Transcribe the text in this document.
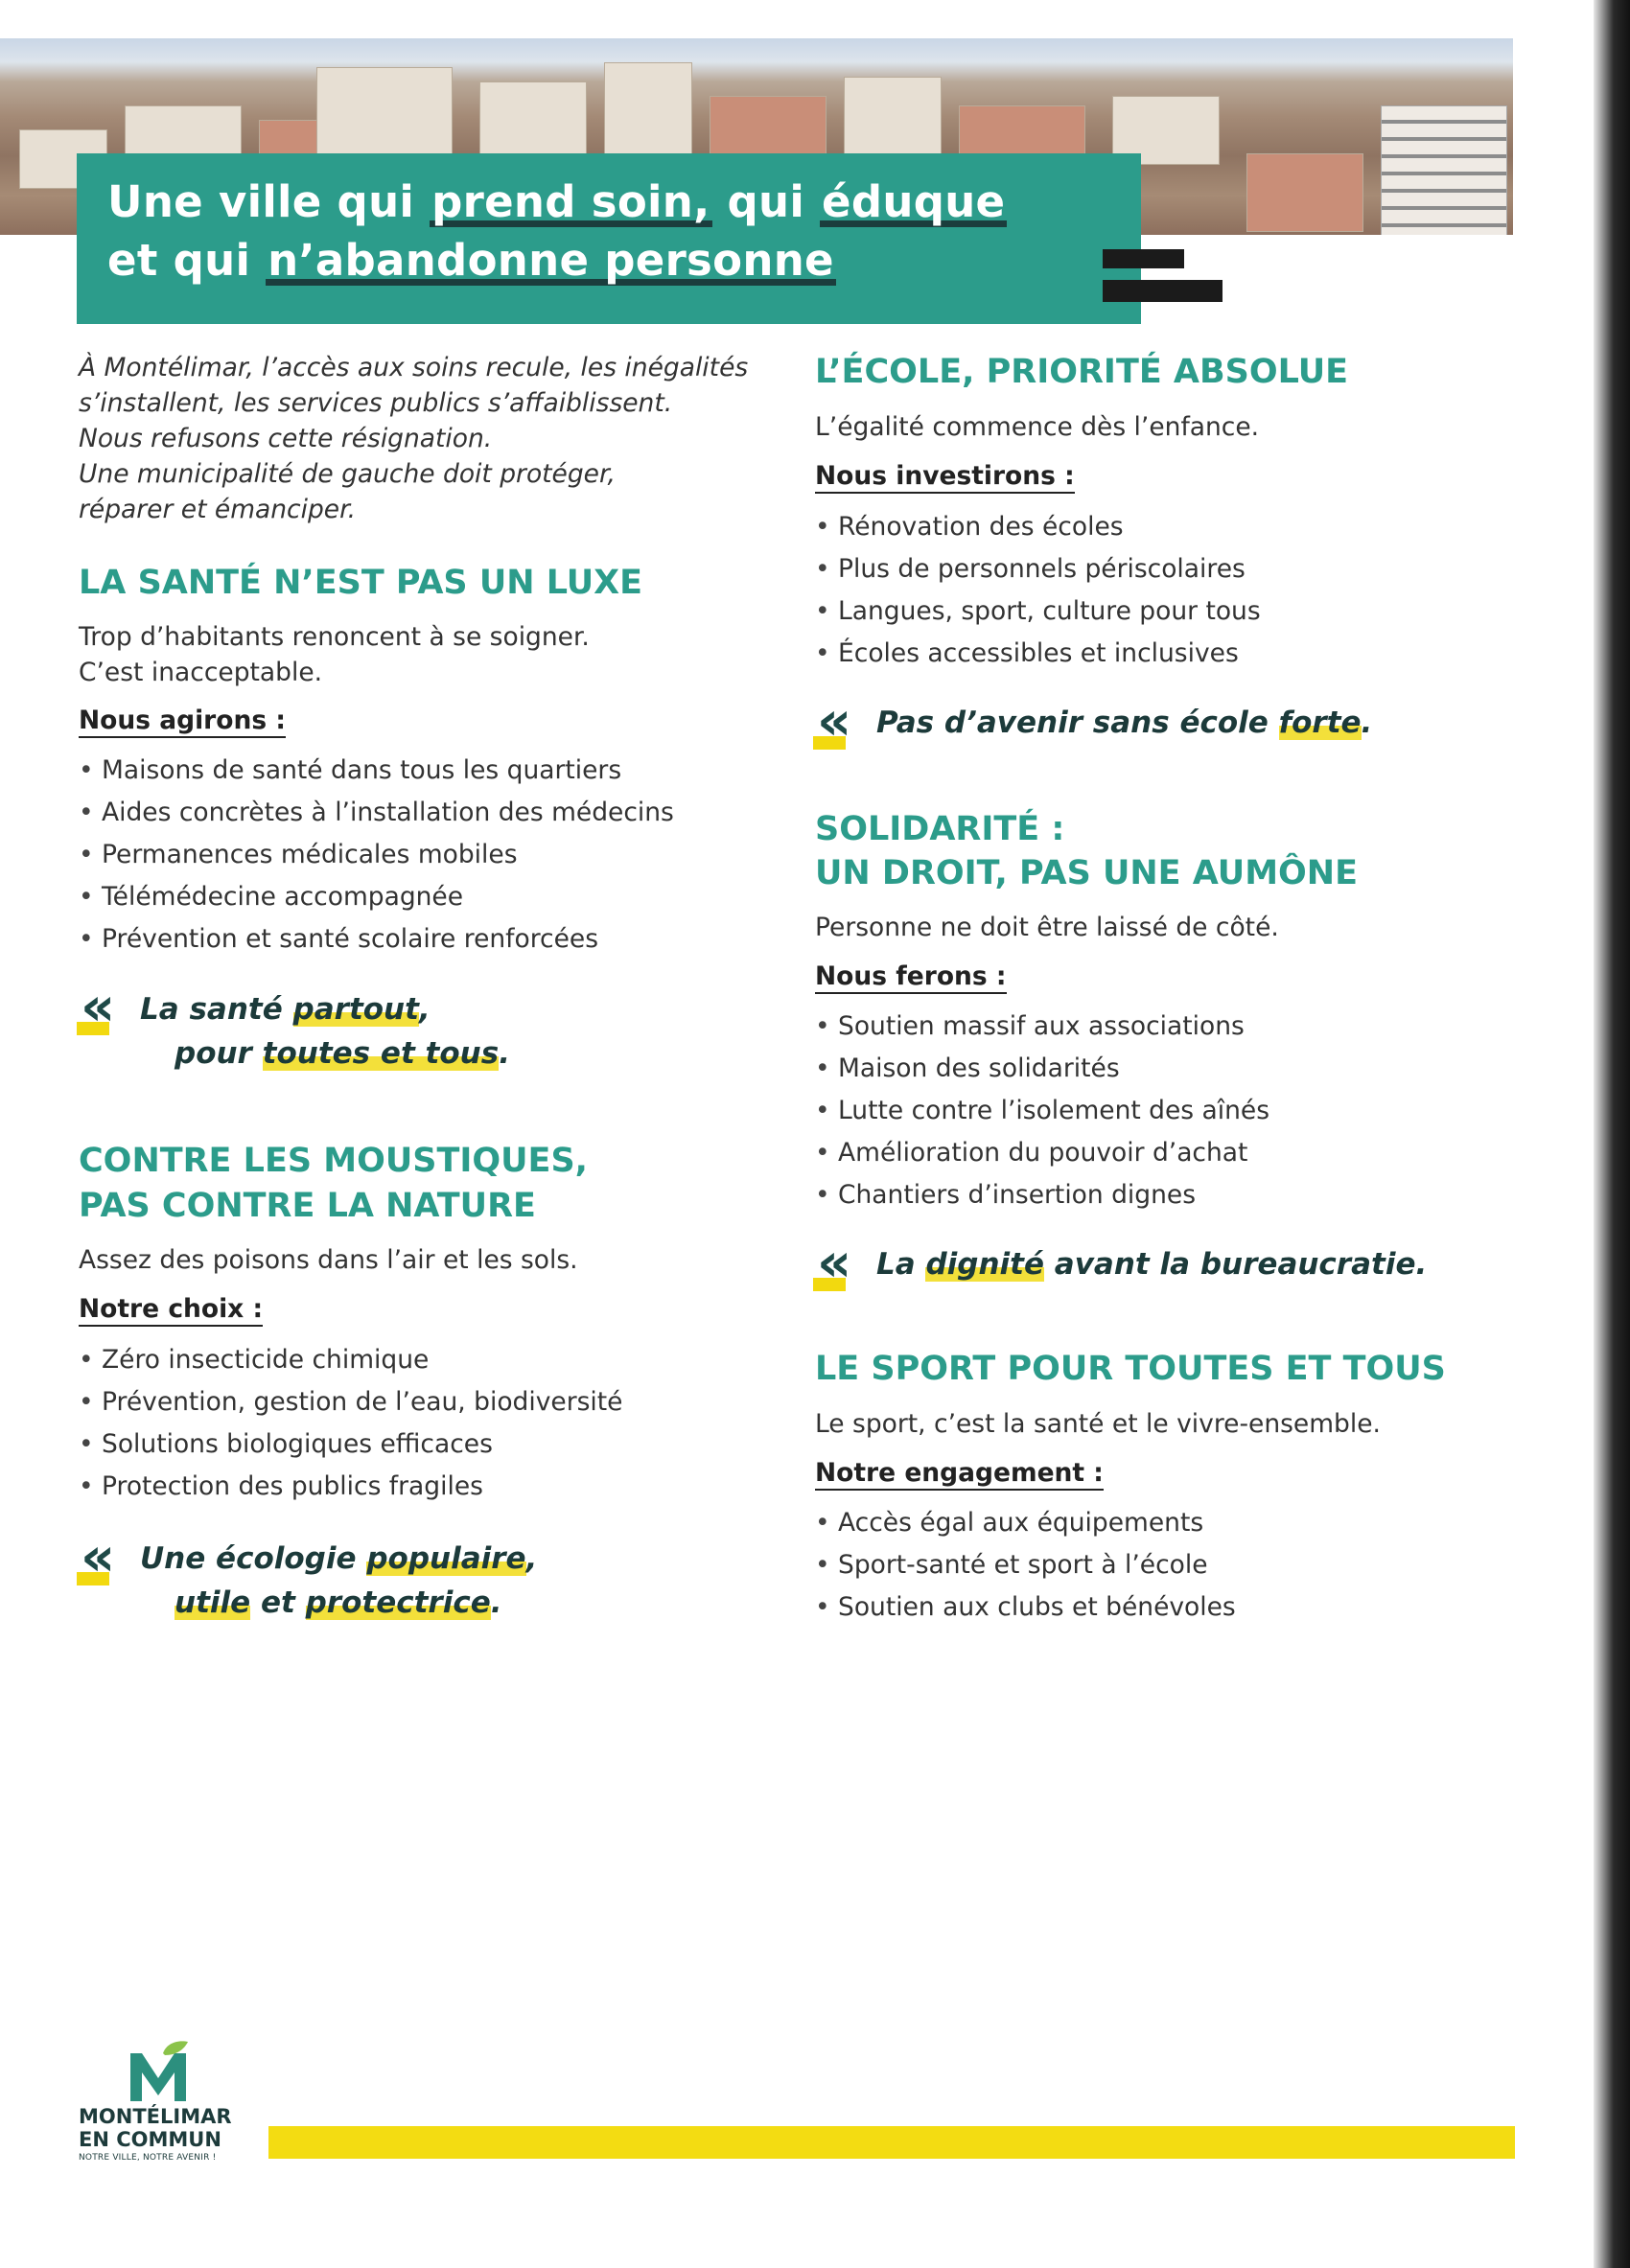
Une ville qui prend soin, qui éduque
et qui n’abandonne personne
À Montélimar, l’accès aux soins recule, les inégalités
s’installent, les services publics s’affaiblissent.
Nous refusons cette résignation.
Une municipalité de gauche doit protéger,
réparer et émanciper.
LA SANTÉ N’EST PAS UN LUXE
Trop d’habitants renoncent à se soigner.
C’est inacceptable.
Nous agirons :
• Maisons de santé dans tous les quartiers
• Aides concrètes à l’installation des médecins
• Permanences médicales mobiles
• Télémédecine accompagnée
• Prévention et santé scolaire renforcées
« La santé partout,
pour toutes et tous.
CONTRE LES MOUSTIQUES,
PAS CONTRE LA NATURE
Assez des poisons dans l’air et les sols.
Notre choix :
• Zéro insecticide chimique
• Prévention, gestion de l’eau, biodiversité
• Solutions biologiques efficaces
• Protection des publics fragiles
« Une écologie populaire,
utile et protectrice.
L’ÉCOLE, PRIORITÉ ABSOLUE
L’égalité commence dès l’enfance.
Nous investirons :
• Rénovation des écoles
• Plus de personnels périscolaires
• Langues, sport, culture pour tous
• Écoles accessibles et inclusives
« Pas d’avenir sans école forte.
SOLIDARITÉ :
UN DROIT, PAS UNE AUMÔNE
Personne ne doit être laissé de côté.
Nous ferons :
• Soutien massif aux associations
• Maison des solidarités
• Lutte contre l’isolement des aînés
• Amélioration du pouvoir d’achat
• Chantiers d’insertion dignes
« La dignité avant la bureaucratie.
LE SPORT POUR TOUTES ET TOUS
Le sport, c’est la santé et le vivre-ensemble.
Notre engagement :
• Accès égal aux équipements
• Sport-santé et sport à l’école
• Soutien aux clubs et bénévoles
MONTÉLIMAR
EN COMMUN
NOTRE VILLE, NOTRE AVENIR !
